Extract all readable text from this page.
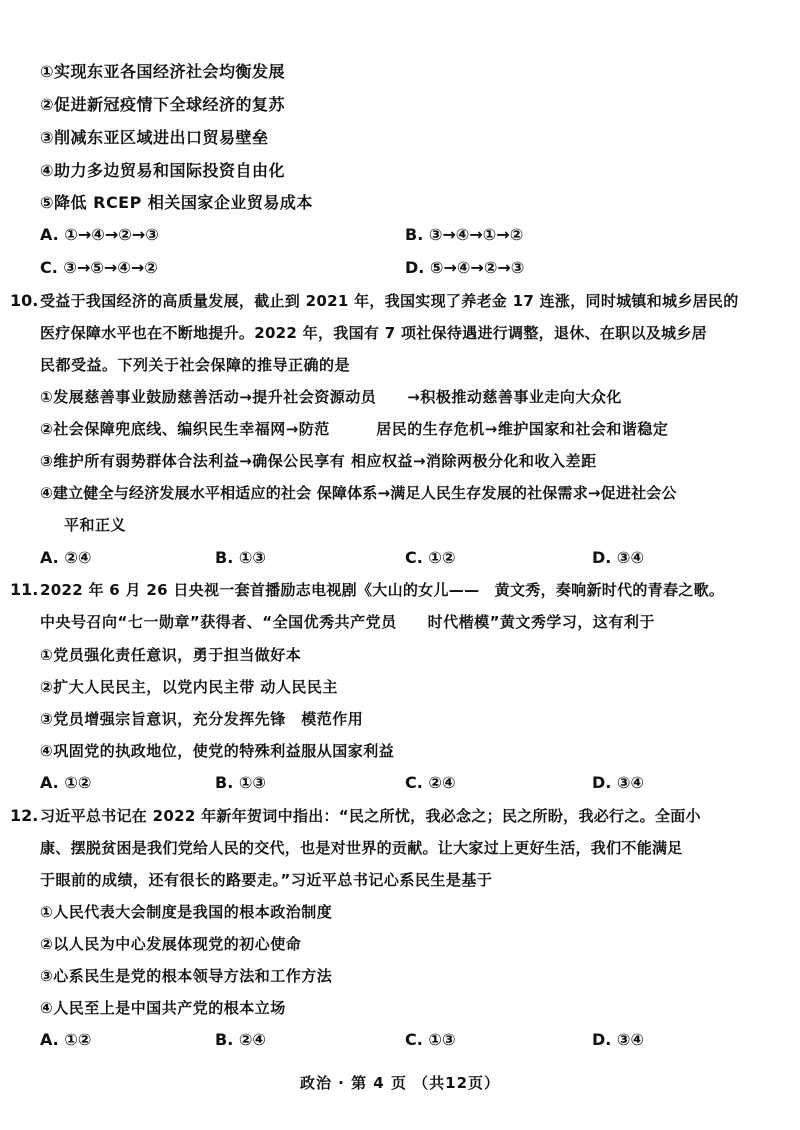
①实现东亚各国经济社会均衡发展
②促进新冠疫情下全球经济的复苏
③削减东亚区域进出口贸易壁垒
④助力多边贸易和国际投资自由化
⑤降低 RCEP 相关国家企业贸易成本
A. ①→④→②→③	B. ③→④→①→②
C. ③→⑤→④→②	D. ⑤→④→②→③
10. 受益于我国经济的高质量发展，截止到 2021 年，我国实现了养老金 17 连涨，同时城镇和城乡居民的
医疗保障水平也在不断地提升。2022 年，我国有 7 项社保待遇进行调整，退休、在职以及城乡居
民都受益。下列关于社会保障的推导正确的是
①发展慈善事业鼓励慈善活动→提升社会资源动员　　→积极推动慈善事业走向大众化
②社会保障兜底线、编织民生幸福网→防范　　　居民的生存危机→维护国家和社会和谐稳定
③维护所有弱势群体合法利益→确保公民享有 相应权益→消除两极分化和收入差距
④建立健全与经济发展水平相适应的社会 保障体系→满足人民生存发展的社保需求→促进社会公
平和正义
A. ②④	B. ①③	C. ①②	D. ③④
11. 2022 年 6 月 26 日央视一套首播励志电视剧《大山的女儿——　黄文秀，奏响新时代的青春之歌。
中央号召向“七一勋章”获得者、“全国优秀共产党员　　时代楷模”黄文秀学习，这有利于
①党员强化责任意识，勇于担当做好本
②扩大人民民主，以党内民主带 动人民民主
③党员增强宗旨意识，充分发挥先锋　模范作用
④巩固党的执政地位，使党的特殊利益服从国家利益
A. ①②	B. ①③	C. ②④	D. ③④
12. 习近平总书记在 2022 年新年贺词中指出：“民之所忧，我必念之；民之所盼，我必行之。全面小
康、摆脱贫困是我们党给人民的交代，也是对世界的贡献。让大家过上更好生活，我们不能满足
于眼前的成绩，还有很长的路要走。”习近平总书记心系民生是基于
①人民代表大会制度是我国的根本政治制度
②以人民为中心发展体现党的初心使命
③心系民生是党的根本领导方法和工作方法
④人民至上是中国共产党的根本立场
A. ①②	B. ②④	C. ①③	D. ③④
政治 · 第 4 页 （共12页）
